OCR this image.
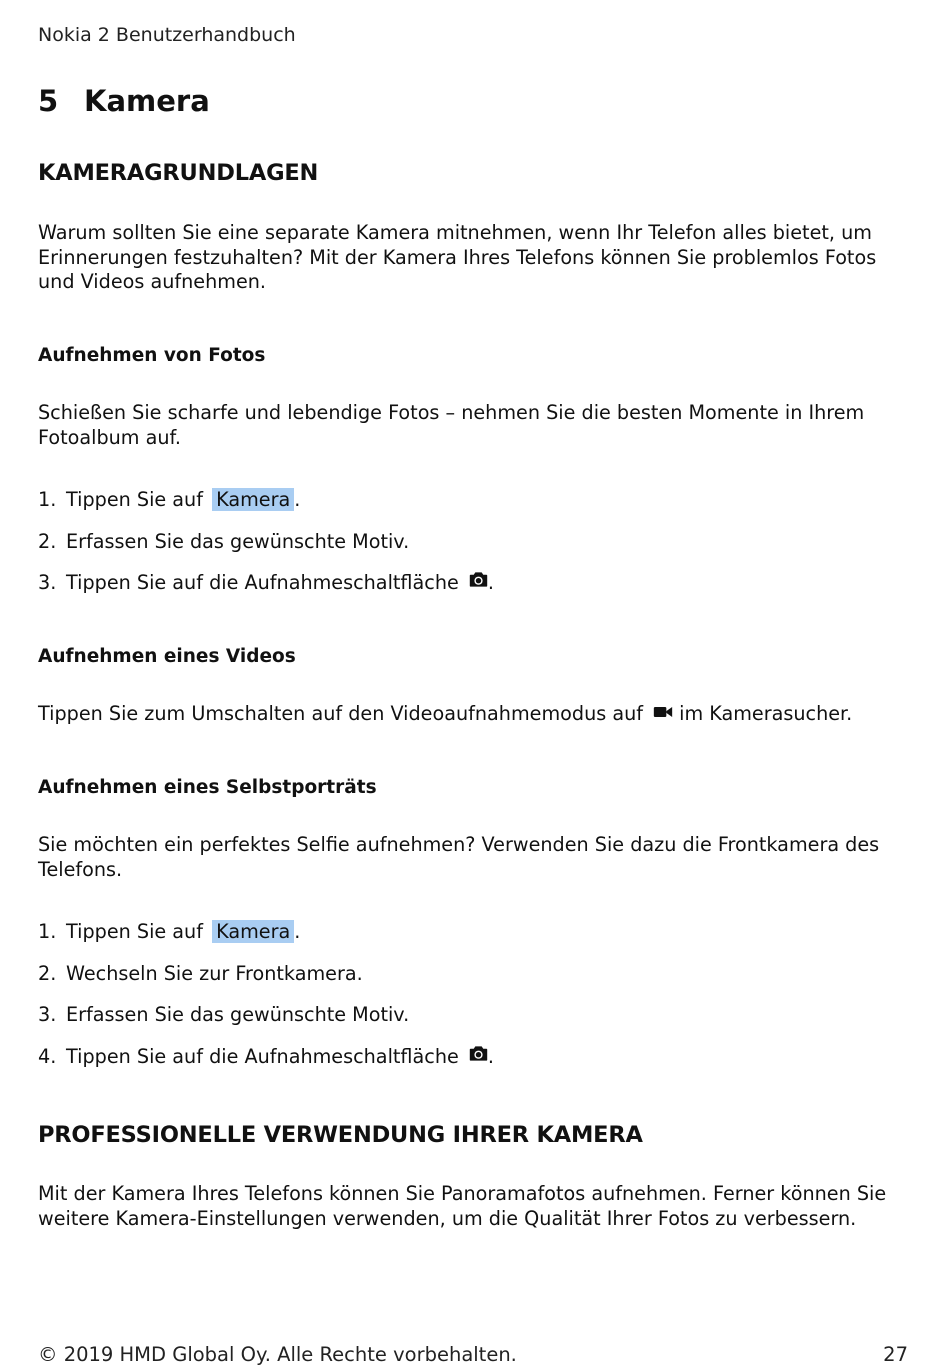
Nokia 2 Benutzerhandbuch
5 Kamera
KAMERAGRUNDLAGEN
Warum sollten Sie eine separate Kamera mitnehmen, wenn Ihr Telefon alles bietet, um Erinnerungen festzuhalten? Mit der Kamera Ihres Telefons können Sie problemlos Fotos und Videos aufnehmen.
Aufnehmen von Fotos
Schießen Sie scharfe und lebendige Fotos – nehmen Sie die besten Momente in Ihrem Fotoalbum auf.
1. Tippen Sie auf Kamera .
2. Erfassen Sie das gewünschte Motiv.
3. Tippen Sie auf die Aufnahmeschaltfläche .
Aufnehmen eines Videos
Tippen Sie zum Umschalten auf den Videoaufnahmemodus auf im Kamerasucher.
Aufnehmen eines Selbstporträts
Sie möchten ein perfektes Selfie aufnehmen? Verwenden Sie dazu die Frontkamera des Telefons.
1. Tippen Sie auf Kamera .
2. Wechseln Sie zur Frontkamera.
3. Erfassen Sie das gewünschte Motiv.
4. Tippen Sie auf die Aufnahmeschaltfläche .
PROFESSIONELLE VERWENDUNG IHRER KAMERA
Mit der Kamera Ihres Telefons können Sie Panoramafotos aufnehmen. Ferner können Sie weitere Kamera-Einstellungen verwenden, um die Qualität Ihrer Fotos zu verbessern.
© 2019 HMD Global Oy. Alle Rechte vorbehalten.	27
